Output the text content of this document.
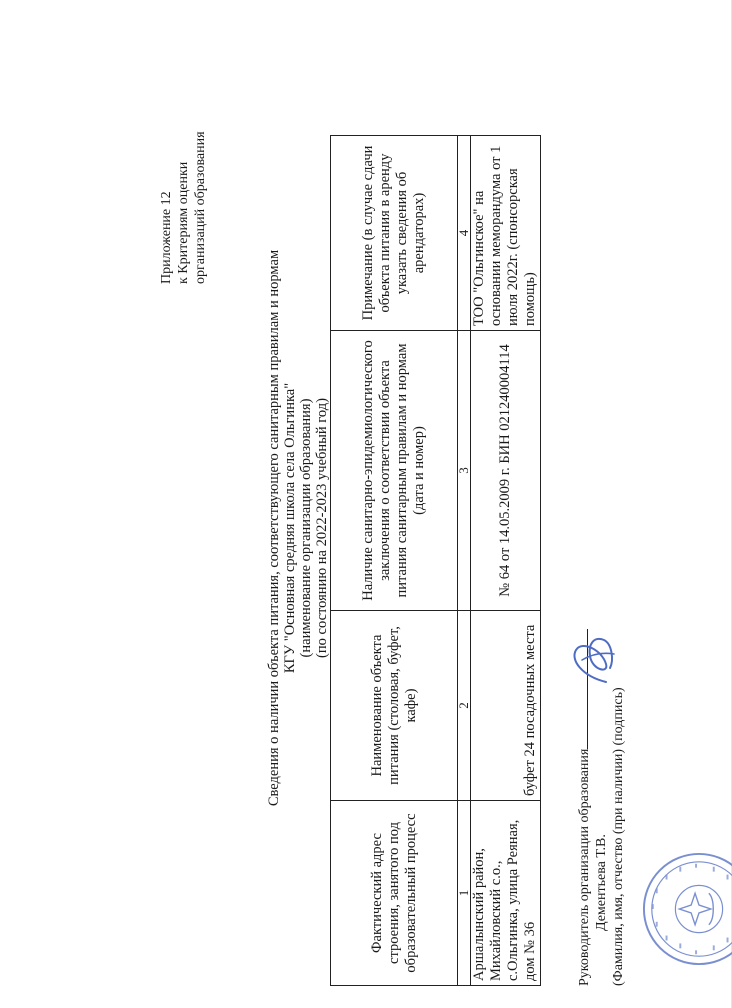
Приложение 12 к Критериям оценки организаций образования
Сведения о наличии объекта питания, соответствующего санитарным правилам и нормам КГУ "Основная средняя школа села Ольгинка" (наименование организации образования) (по состоянию на 2022-2023 учебный год)
Фактический адрес строения, занятого под образовательный процесс	Наименование объекта питания (столовая, буфет, кафе)	Наличие санитарно-эпидемиологического заключения о соответствии объекта питания санитарным правилам и нормам (дата и номер)	Примечание (в случае сдачи объекта питания в аренду указать сведения об арендаторах)
1	2	3	4
Аршалынский район, Михайловский с.о., с.Ольгинка, улица Реяная, дом № 36	буфет 24 посадочных места	№ 64 от 14.05.2009 г. БИН 021240004114	ТОО "Ольгинское" на основании меморандума от 1 июля 2022г. (спонсорская помощь)
Руководитель организации образования Дементьева Т.В. (Фамилия, имя, отчество (при наличии) (подпись)
